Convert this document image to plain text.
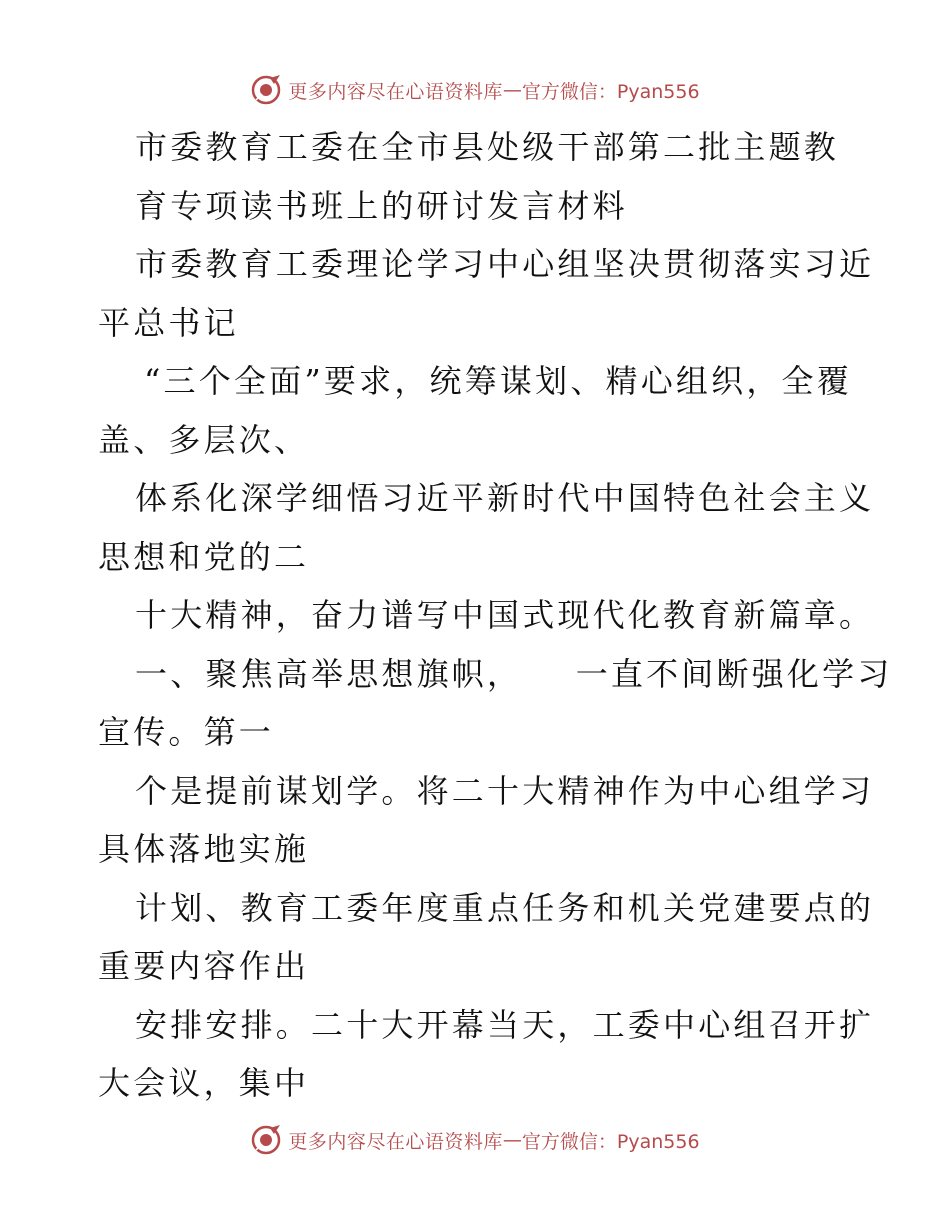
更多内容尽在心语资料库 — 官方微信：Pyan556
市委教育工委在全市县处级干部第二批主题教
育专项读书班上的研讨发言材料
市委教育工委理论学习中心组坚决贯彻落实习近
平总书记
“三个全面”要求，统筹谋划、精心组织，全覆
盖、多层次、
体系化深学细悟习近平新时代中国特色社会主义
思想和党的二
十大精神，奋力谱写中国式现代化教育新篇章。
一、聚焦高举思想旗帜，    一直不间断强化学习
宣传。第一
个是提前谋划学。将二十大精神作为中心组学习
具体落地实施
计划、教育工委年度重点任务和机关党建要点的
重要内容作出
安排安排。二十大开幕当天，工委中心组召开扩
大会议，集中
更多内容尽在心语资料库 — 官方微信：Pyan556
